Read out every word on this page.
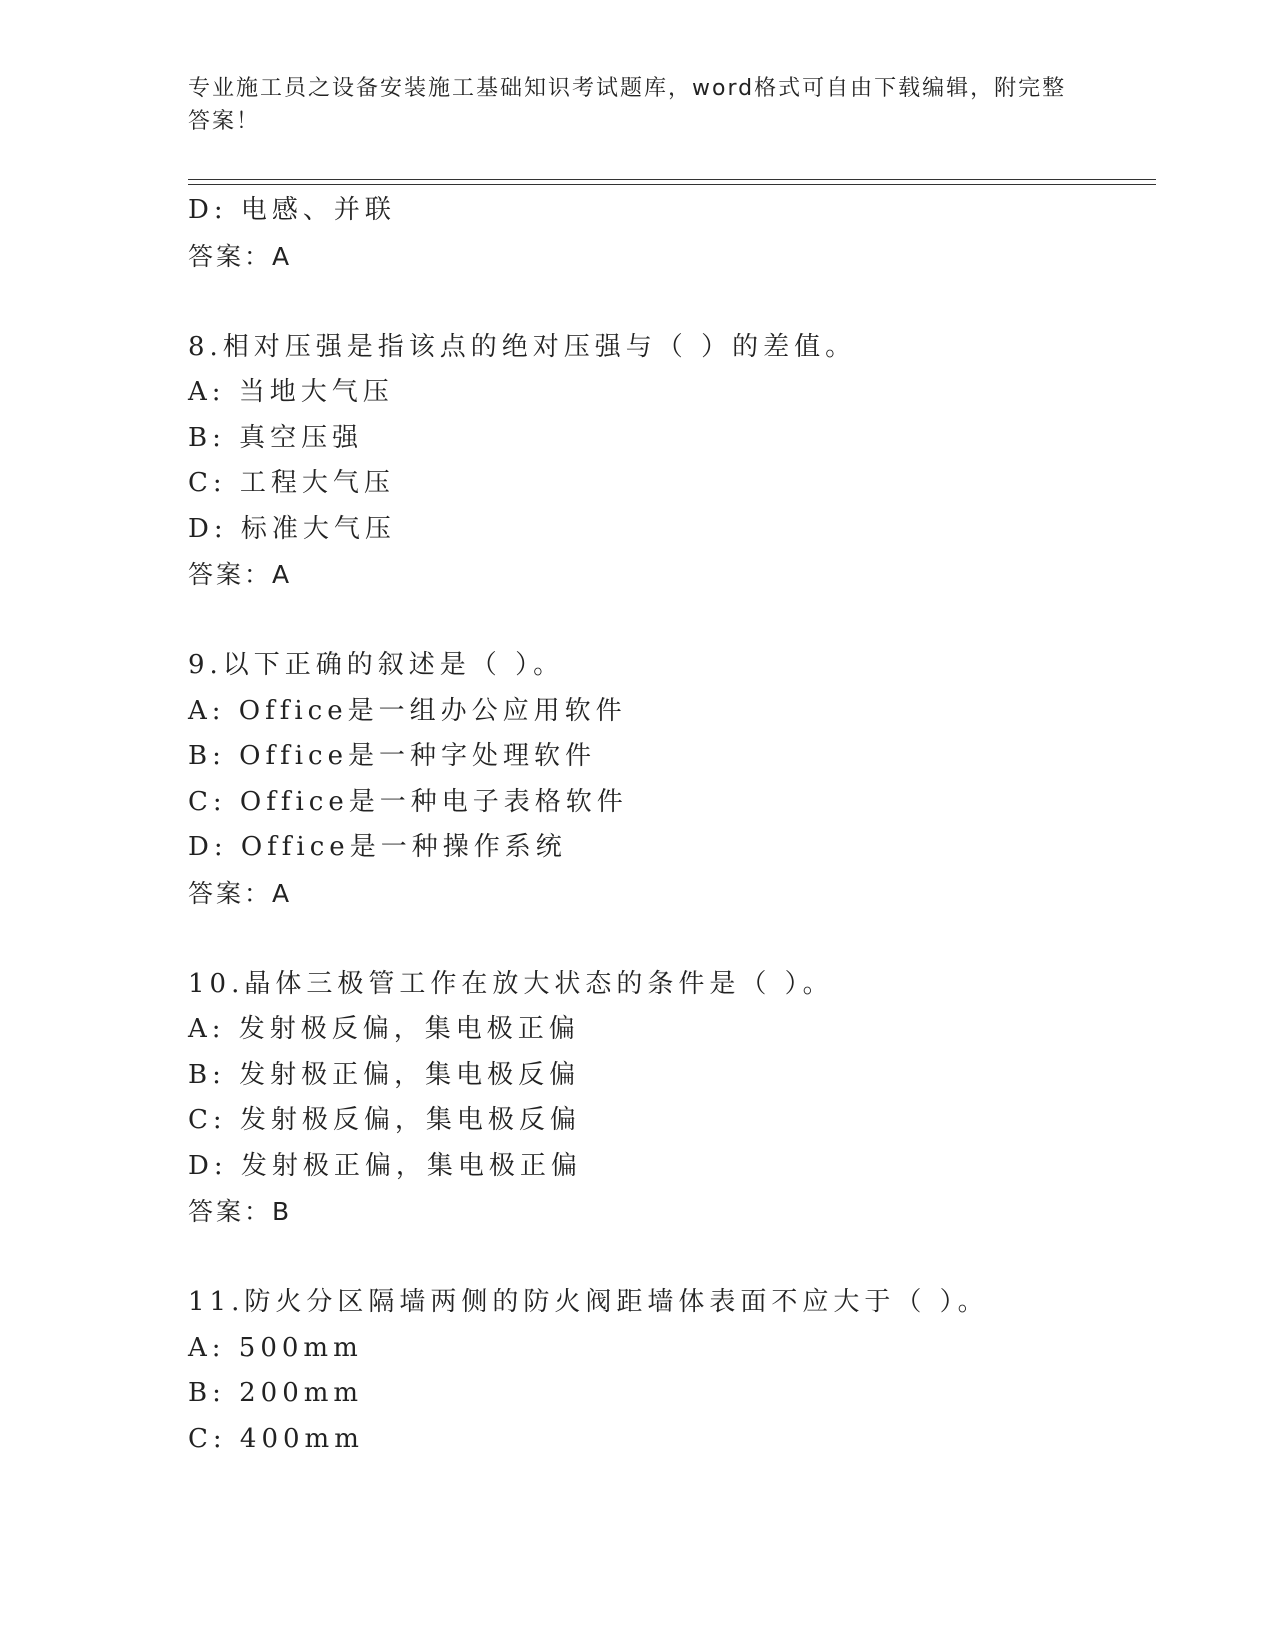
专业施工员之设备安装施工基础知识考试题库，word格式可自由下载编辑，附完整答案！
D: 电感、并联
答案：A
8.相对压强是指该点的绝对压强与（ ）的差值。
A: 当地大气压
B: 真空压强
C: 工程大气压
D: 标准大气压
答案：A
9.以下正确的叙述是（ ）。
A: Office是一组办公应用软件
B: Office是一种字处理软件
C: Office是一种电子表格软件
D: Office是一种操作系统
答案：A
10.晶体三极管工作在放大状态的条件是（ ）。
A: 发射极反偏，集电极正偏
B: 发射极正偏，集电极反偏
C: 发射极反偏，集电极反偏
D: 发射极正偏，集电极正偏
答案：B
11.防火分区隔墙两侧的防火阀距墙体表面不应大于（ ）。
A: 500mm
B: 200mm
C: 400mm
